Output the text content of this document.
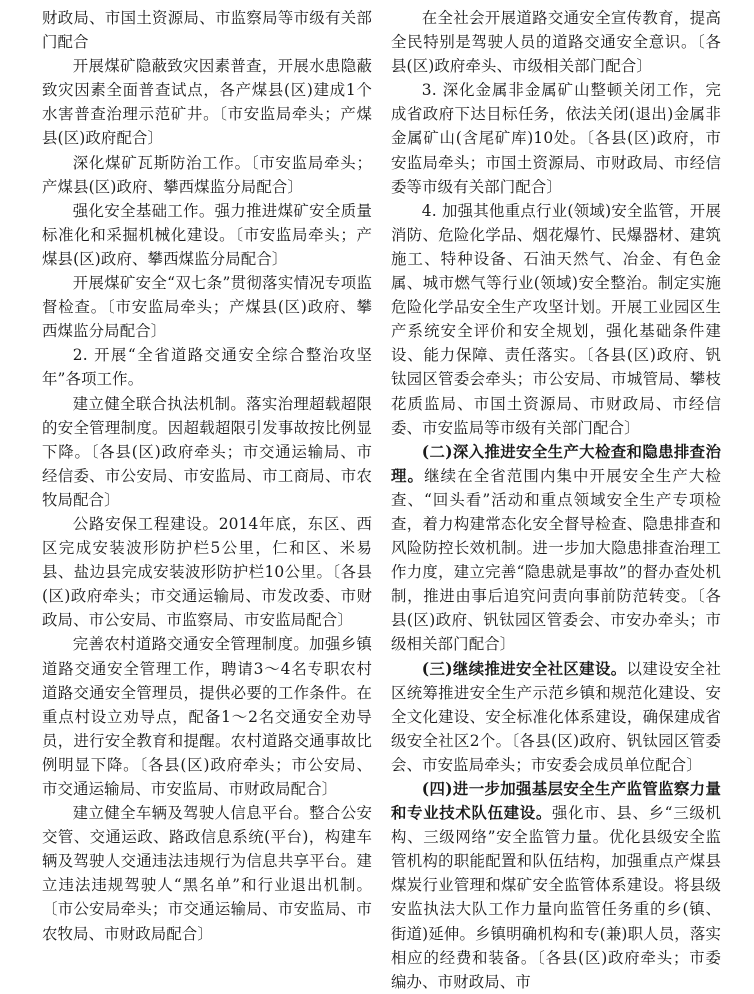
财政局、市国土资源局、市监察局等市级有关部门配合

开展煤矿隐蔽致灾因素普查，开展水患隐蔽致灾因素全面普查试点，各产煤县(区)建成1个水害普查治理示范矿井。〔市安监局牵头；产煤县(区)政府配合〕

深化煤矿瓦斯防治工作。〔市安监局牵头；产煤县(区)政府、攀西煤监分局配合〕

强化安全基础工作。强力推进煤矿安全质量标准化和采掘机械化建设。〔市安监局牵头；产煤县(区)政府、攀西煤监分局配合〕

开展煤矿安全“双七条”贯彻落实情况专项监督检查。〔市安监局牵头；产煤县(区)政府、攀西煤监分局配合〕

2. 开展“全省道路交通安全综合整治攻坚年”各项工作。

建立健全联合执法机制。落实治理超载超限的安全管理制度。因超载超限引发事故按比例显下降。〔各县(区)政府牵头；市交通运输局、市经信委、市公安局、市安监局、市工商局、市农牧局配合〕

公路安保工程建设。2014年底，东区、西区完成安装波形防护栏5公里，仁和区、米易县、盐边县完成安装波形防护栏10公里。〔各县(区)政府牵头；市交通运输局、市发改委、市财政局、市公安局、市监察局、市安监局配合〕

完善农村道路交通安全管理制度。加强乡镇道路交通安全管理工作，聘请3～4名专职农村道路交通安全管理员，提供必要的工作条件。在重点村设立劝导点，配备1～2名交通安全劝导员，进行安全教育和提醒。农村道路交通事故比例明显下降。〔各县(区)政府牵头；市公安局、市交通运输局、市安监局、市财政局配合〕

建立健全车辆及驾驶人信息平台。整合公安交管、交通运政、路政信息系统(平台)，构建车辆及驾驶人交通违法违规行为信息共享平台。建立违法违规驾驶人“黑名单”和行业退出机制。〔市公安局牵头；市交通运输局、市安监局、市农牧局、市财政局配合〕

在全社会开展道路交通安全宣传教育，提高全民特别是驾驶人员的道路交通安全意识。〔各县(区)政府牵头、市级相关部门配合〕

3. 深化金属非金属矿山整顿关闭工作，完成省政府下达目标任务，依法关闭(退出)金属非金属矿山(含尾矿库)10处。〔各县(区)政府，市安监局牵头；市国土资源局、市财政局、市经信委等市级有关部门配合〕

4. 加强其他重点行业(领域)安全监管，开展消防、危险化学品、烟花爆竹、民爆器材、建筑施工、特种设备、石油天然气、冶金、有色金属、城市燃气等行业(领域)安全整治。制定实施危险化学品安全生产攻坚计划。开展工业园区生产系统安全评价和安全规划，强化基础条件建设、能力保障、责任落实。〔各县(区)政府、钒钛园区管委会牵头；市公安局、市城管局、攀枝花质监局、市国土资源局、市财政局、市经信委、市安监局等市级有关部门配合〕

(二)深入推进安全生产大检查和隐患排查治理。继续在全省范围内集中开展安全生产大检查、“回头看”活动和重点领域安全生产专项检查，着力构建常态化安全督导检查、隐患排查和风险防控长效机制。进一步加大隐患排查治理工作力度，建立完善“隐患就是事故”的督办查处机制，推进由事后追究问责向事前防范转变。〔各县(区)政府、钒钛园区管委会、市安办牵头；市级相关部门配合〕

(三)继续推进安全社区建设。以建设安全社区统筹推进安全生产示范乡镇和规范化建设、安全文化建设、安全标准化体系建设，确保建成省级安全社区2个。〔各县(区)政府、钒钛园区管委会、市安监局牵头；市安委会成员单位配合〕

(四)进一步加强基层安全生产监管监察力量和专业技术队伍建设。强化市、县、乡“三级机构、三级网络”安全监管力量。优化县级安全监管机构的职能配置和队伍结构，加强重点产煤县煤炭行业管理和煤矿安全监管体系建设。将县级安监执法大队工作力量向监管任务重的乡(镇、街道)延伸。乡镇明确机构和专(兼)职人员，落实相应的经费和装备。〔各县(区)政府牵头；市委编办、市财政局、市
